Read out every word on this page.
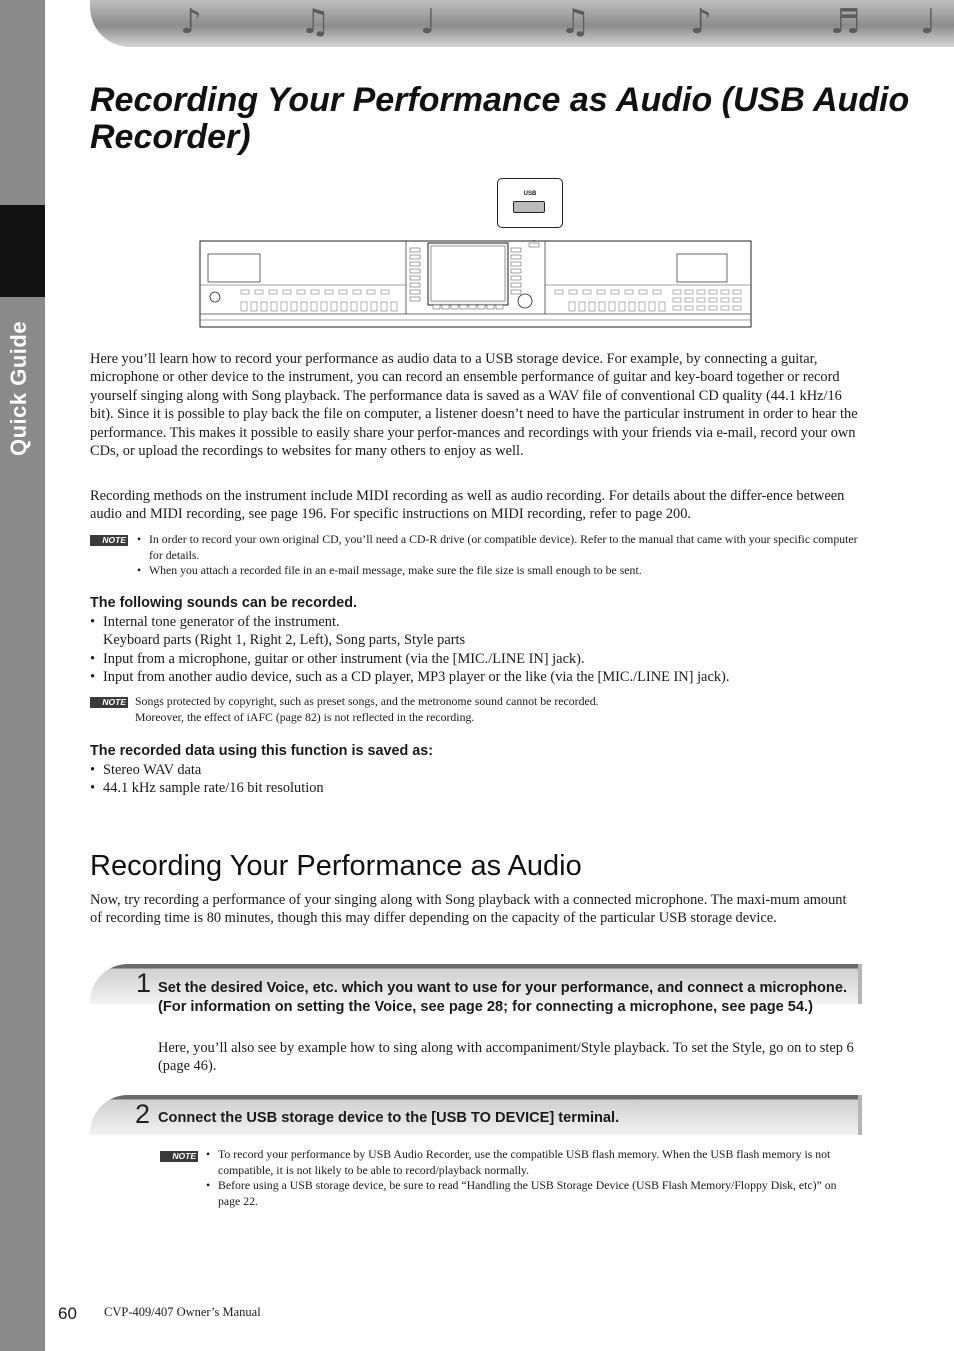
Quick Guide
♪	♫	♩	♫	♪	♬ ♩
Recording Your Performance as Audio (USB Audio Recorder)
USB

Here you’ll learn how to record your performance as audio data to a USB storage device. For example, by connecting a guitar, microphone or other device to the instrument, you can record an ensemble performance of guitar and key-board together or record yourself singing along with Song playback. The performance data is saved as a WAV file of conventional CD quality (44.1 kHz/16 bit). Since it is possible to play back the file on computer, a listener doesn’t need to have the particular instrument in order to hear the performance. This makes it possible to easily share your perfor-mances and recordings with your friends via e-mail, record your own CDs, or upload the recordings to websites for many others to enjoy as well.

Recording methods on the instrument include MIDI recording as well as audio recording. For details about the differ-ence between audio and MIDI recording, see page 196. For specific instructions on MIDI recording, refer to page 200.

NOTE	• In order to record your own original CD, you’ll need a CD-R drive (or compatible device). Refer to the manual that came with your specific computer for details.
• When you attach a recorded file in an e-mail message, make sure the file size is small enough to be sent.
The following sounds can be recorded.
• Internal tone generator of the instrument.
Keyboard parts (Right 1, Right 2, Left), Song parts, Style parts
• Input from a microphone, guitar or other instrument (via the [MIC./LINE IN] jack).
• Input from another audio device, such as a CD player, MP3 player or the like (via the [MIC./LINE IN] jack).
NOTE Songs protected by copyright, such as preset songs, and the metronome sound cannot be recorded.
Moreover, the effect of iAFC (page 82) is not reflected in the recording.
The recorded data using this function is saved as:
• Stereo WAV data
• 44.1 kHz sample rate/16 bit resolution
Recording Your Performance as Audio

Now, try recording a performance of your singing along with Song playback with a connected microphone. The maxi-mum amount of recording time is 80 minutes, though this may differ depending on the capacity of the particular USB storage device.

1 Set the desired Voice, etc. which you want to use for your performance, and connect a microphone. (For information on setting the Voice, see page 28; for connecting a microphone, see page 54.)
Here, you’ll also see by example how to sing along with accompaniment/Style playback. To set the Style, go on to step 6 (page 46).
2 Connect the USB storage device to the [USB TO DEVICE] terminal.
NOTE	• To record your performance by USB Audio Recorder, use the compatible USB flash memory. When the USB flash memory is not compatible, it is not likely to be able to record/playback normally.
• Before using a USB storage device, be sure to read “Handling the USB Storage Device (USB Flash Memory/Floppy Disk, etc)” on page 22.
60 CVP-409/407 Owner’s Manual
